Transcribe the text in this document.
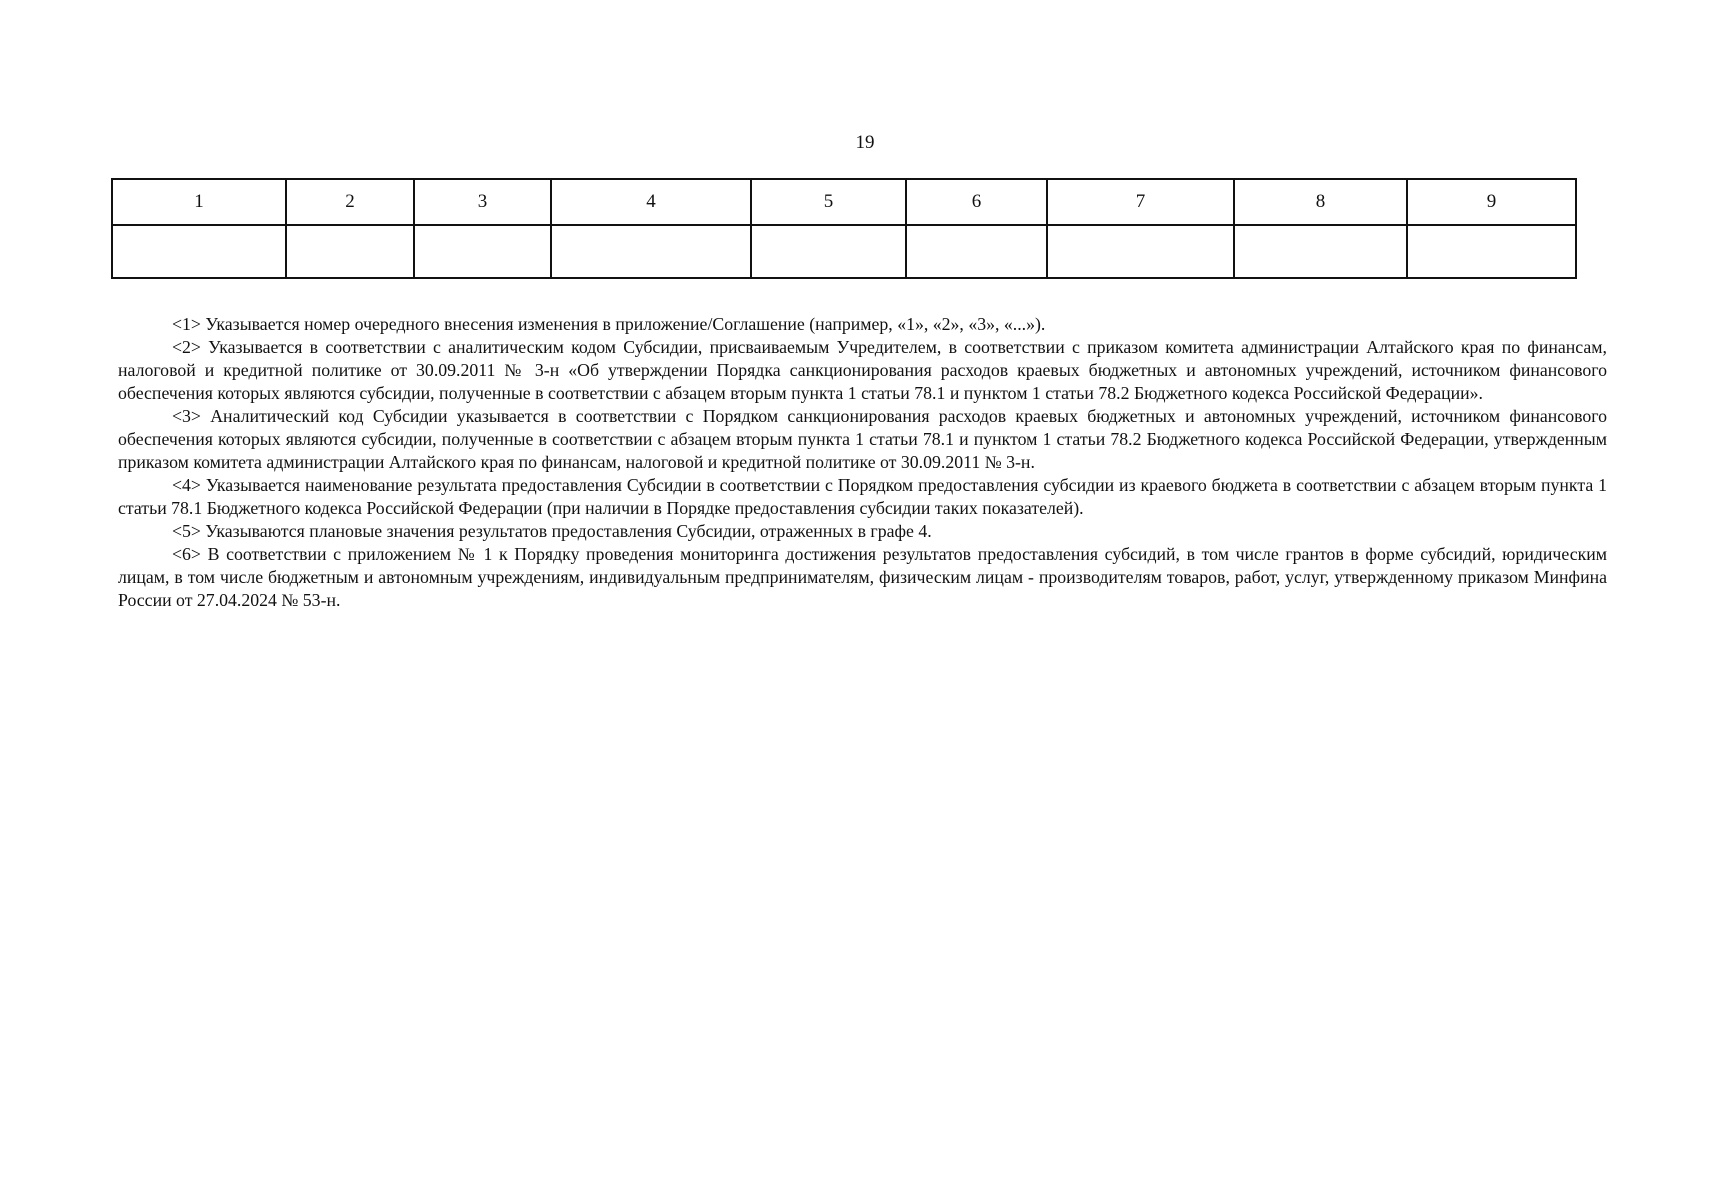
19
1	2	3	4	5	6	7	8	9

<1> Указывается номер очередного внесения изменения в приложение/Соглашение (например, «1», «2», «3», «...»).

<2> Указывается в соответствии с аналитическим кодом Субсидии, присваиваемым Учредителем, в соответствии с приказом комитета администрации Алтайского края по финансам, налоговой и кредитной политике от 30.09.2011 № 3-н «Об утверждении Порядка санкционирования расходов краевых бюджетных и автономных учреждений, источником финансового обеспечения которых являются субсидии, полученные в соответствии с абзацем вторым пункта 1 статьи 78.1 и пунктом 1 статьи 78.2 Бюджетного кодекса Российской Федерации».

<3> Аналитический код Субсидии указывается в соответствии с Порядком санкционирования расходов краевых бюджетных и автономных учреждений, источником финансового обеспечения которых являются субсидии, полученные в соответствии с абзацем вторым пункта 1 статьи 78.1 и пунктом 1 статьи 78.2 Бюджетного кодекса Российской Федерации, утвержденным приказом комитета администрации Алтайского края по финансам, налоговой и кредитной политике от 30.09.2011 № 3-н.

<4> Указывается наименование результата предоставления Субсидии в соответствии с Порядком предоставления субсидии из краевого бюджета в соответствии с абзацем вторым пункта 1 статьи 78.1 Бюджетного кодекса Российской Федерации (при наличии в Порядке предоставления субсидии таких показателей).

<5> Указываются плановые значения результатов предоставления Субсидии, отраженных в графе 4.

<6> В соответствии с приложением № 1 к Порядку проведения мониторинга достижения результатов предоставления субсидий, в том числе грантов в форме субсидий, юридическим лицам, в том числе бюджетным и автономным учреждениям, индивидуальным предпринимателям, физическим лицам - производителям товаров, работ, услуг, утвержденному приказом Минфина России от 27.04.2024 № 53-н.
